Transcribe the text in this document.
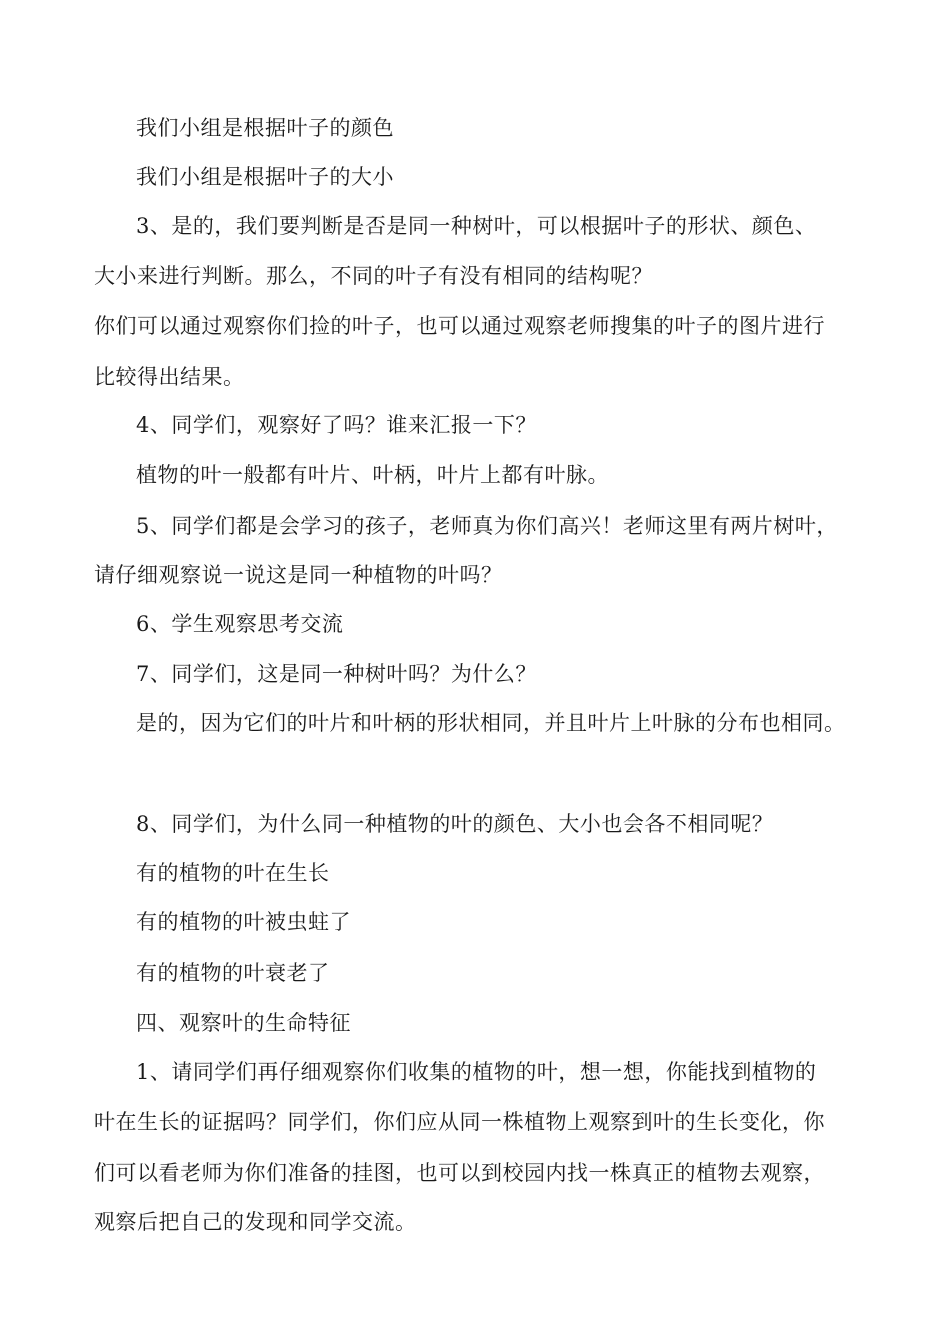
我们小组是根据叶子的颜色
我们小组是根据叶子的大小
3、是的，我们要判断是否是同一种树叶，可以根据叶子的形状、颜色、
大小来进行判断。那么，不同的叶子有没有相同的结构呢？
你们可以通过观察你们捡的叶子，也可以通过观察老师搜集的叶子的图片进行
比较得出结果。
4、同学们，观察好了吗？谁来汇报一下？
植物的叶一般都有叶片、叶柄，叶片上都有叶脉。
5、同学们都是会学习的孩子，老师真为你们高兴！老师这里有两片树叶，
请仔细观察说一说这是同一种植物的叶吗？
6、学生观察思考交流
7、同学们，这是同一种树叶吗？为什么？
是的，因为它们的叶片和叶柄的形状相同，并且叶片上叶脉的分布也相同。
8、同学们，为什么同一种植物的叶的颜色、大小也会各不相同呢？
有的植物的叶在生长
有的植物的叶被虫蛀了
有的植物的叶衰老了
四、观察叶的生命特征
1、请同学们再仔细观察你们收集的植物的叶，想一想，你能找到植物的
叶在生长的证据吗？同学们，你们应从同一株植物上观察到叶的生长变化，你
们可以看老师为你们准备的挂图，也可以到校园内找一株真正的植物去观察，
观察后把自己的发现和同学交流。
